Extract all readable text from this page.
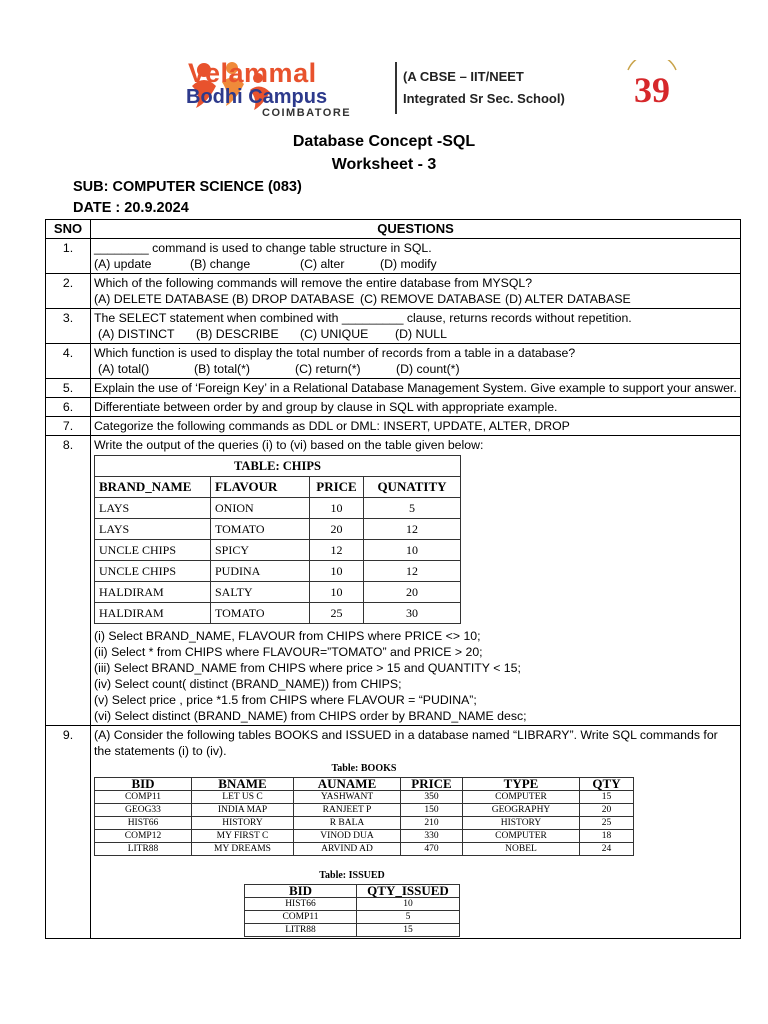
Velammal
Bodhi Campus
COIMBATORE
(A CBSE – IIT/NEET
Integrated Sr Sec. School) 39
Database Concept -SQL
Worksheet - 3
SUB: COMPUTER SCIENCE (083)
DATE : 20.9.2024
SNO	QUESTIONS
1.	________ command is used to change table structure in SQL.
(A) update	(B) change	(C) alter	(D) modify

2.	Which of the following commands will remove the entire database from MYSQL?
(A) DELETE DATABASE (B) DROP DATABASE (C) REMOVE DATABASE (D) ALTER DATABASE

3.	The SELECT statement when combined with _________ clause, returns records without repetition.
(A) DISTINCT (B) DESCRIBE (C) UNIQUE (D) NULL

4.	Which function is used to display the total number of records from a table in a database?
(A) total()	(B) total(*)	(C) return(*)	(D) count(*)

5.	Explain the use of ‘Foreign Key’ in a Relational Database Management System. Give example to support your answer.
6.	Differentiate between order by and group by clause in SQL with appropriate example.
7.	Categorize the following commands as DDL or DML: INSERT, UPDATE, ALTER, DROP
8.	Write the output of the queries (i) to (vi) based on the table given below:
TABLE: CHIPS
BRAND_NAME	FLAVOUR	PRICE	QUNATITY
LAYS	ONION	10	5
LAYS	TOMATO	20	12
UNCLE CHIPS	SPICY	12	10
UNCLE CHIPS	PUDINA	10	12
HALDIRAM	SALTY	10	20
HALDIRAM	TOMATO	25	30
(i) Select BRAND_NAME, FLAVOUR from CHIPS where PRICE <> 10;
(ii) Select * from CHIPS where FLAVOUR=”TOMATO” and PRICE > 20;
(iii) Select BRAND_NAME from CHIPS where price > 15 and QUANTITY < 15;
(iv) Select count( distinct (BRAND_NAME)) from CHIPS;
(v) Select price , price *1.5 from CHIPS where FLAVOUR = “PUDINA”;
(vi) Select distinct (BRAND_NAME) from CHIPS order by BRAND_NAME desc;

9.	(A) Consider the following tables BOOKS and ISSUED in a database named “LIBRARY”. Write SQL commands for the statements (i) to (iv).
Table: BOOKS
BID	BNAME	AUNAME	PRICE	TYPE	QTY
COMP11	LET US C	YASHWANT	350	COMPUTER	15
GEOG33	INDIA MAP	RANJEET P	150	GEOGRAPHY	20
HIST66	HISTORY	R BALA	210	HISTORY	25
COMP12	MY FIRST C	VINOD DUA	330	COMPUTER	18
LITR88	MY DREAMS	ARVIND AD	470	NOBEL	24
Table: ISSUED
BID	QTY_ISSUED
HIST66	10
COMP11	5
LITR88	15
